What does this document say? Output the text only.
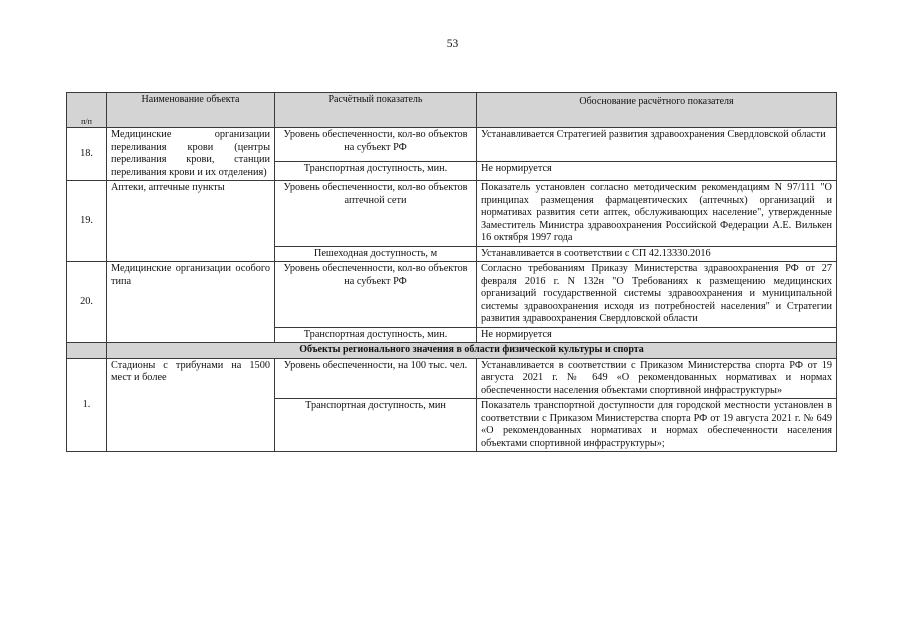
53
п/п	Наименование объекта	Расчётный показатель	Обоснование расчётного показателя
18.	Медицинские организации переливания крови (центры переливания крови, станции переливания крови и их отделения)	Уровень обеспеченности, кол-во объектов на субъект РФ	Устанавливается Стратегией развития здравоохранения Свердловской области
		Транспортная доступность, мин.	Не нормируется
19.	Аптеки, аптечные пункты	Уровень обеспеченности, кол-во объектов аптечной сети	Показатель установлен согласно методическим рекомендациям N 97/111 "О принципах размещения фармацевтических (аптечных) организаций и нормативах развития сети аптек, обслуживающих население", утвержденные Заместитель Министра здравоохранения Российской Федерации А.Е. Вилькен 16 октября 1997 года
		Пешеходная доступность, м	Устанавливается в соответствии с СП 42.13330.2016
20.	Медицинские организации особого типа	Уровень обеспеченности, кол-во объектов на субъект РФ	Согласно требованиям Приказу Министерства здравоохранения РФ от 27 февраля 2016 г. N 132н "О Требованиях к размещению медицинских организаций государственной системы здравоохранения и муниципальной системы здравоохранения исходя из потребностей населения" и Стратегии развития здравоохранения Свердловской области
		Транспортная доступность, мин.	Не нормируется
	Объекты регионального значения в области физической культуры и спорта		
1.	Стадионы с трибунами на 1500 мест и более	Уровень обеспеченности, на 100 тыс. чел.	Устанавливается в соответствии с Приказом Министерства спорта РФ от 19 августа 2021 г. № 649 «О рекомендованных нормативах и нормах обеспеченности населения объектами спортивной инфраструктуры»
		Транспортная доступность, мин	Показатель транспортной доступности для городской местности установлен в соответствии с Приказом Министерства спорта РФ от 19 августа 2021 г. № 649 «О рекомендованных нормативах и нормах обеспеченности населения объектами спортивной инфраструктуры»;
